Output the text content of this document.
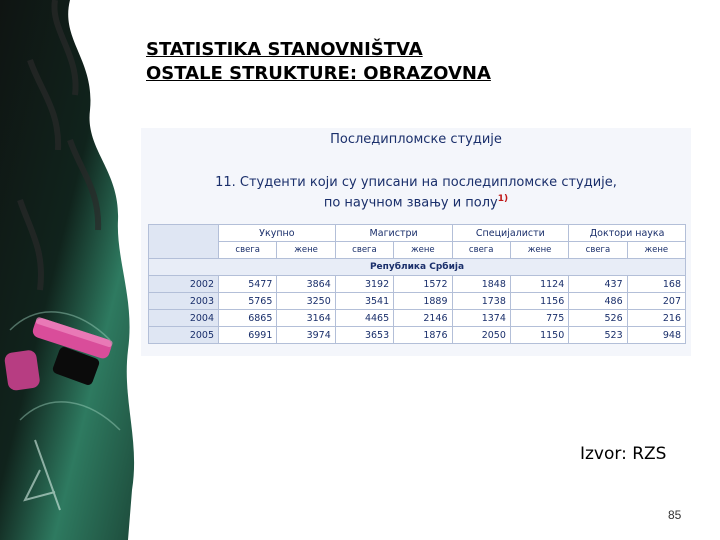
STATISTIKA STANOVNIŠTVA
OSTALE STRUKTURE: OBRAZOVNA
Последипломске студије
11. Студенти који су уписани на последипломске студије,
по научном звању и полу$^{1)}$
	Укупно		Магистри		Специјалисти		Доктори наука	
	свега	жене	свега	жене	свега	жене	свега	жене
Република Србија								
2002	5477	3864	3192	1572	1848	1124	437	168
2003	5765	3250	3541	1889	1738	1156	486	207
2004	6865	3164	4465	2146	1374	775	526	216
2005	6991	3974	3653	1876	2050	1150	523	948
Izvor: RZS
85
